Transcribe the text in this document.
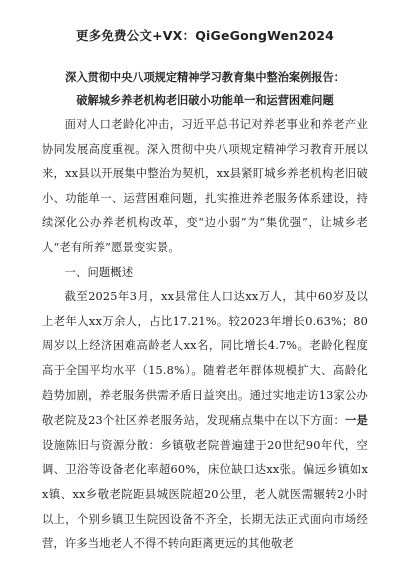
更多免费公文+VX：QiGeGongWen2024
深入贯彻中央八项规定精神学习教育集中整治案例报告：
破解城乡养老机构老旧破小功能单一和运营困难问题

面对人口老龄化冲击，习近平总书记对养老事业和养老产业协同发展高度重视。深入贯彻中央八项规定精神学习教育开展以来，xx县以开展集中整治为契机，xx县紧盯城乡养老机构老旧破小、功能单一、运营困难问题，扎实推进养老服务体系建设，持续深化公办养老机构改革，变“边小弱”为“集优强”，让城乡老人“老有所养”愿景变实景。

一、问题概述

截至2025年3月，xx县常住人口达xx万人，其中60岁及以上老年人xx万余人，占比17.21%。较2023年增长0.63%；80周岁以上经济困难高龄老人xx名，同比增长4.7%。老龄化程度高于全国平均水平（15.8%）。随着老年群体规模扩大、高龄化趋势加剧，养老服务供需矛盾日益突出。通过实地走访13家公办敬老院及23个社区养老服务站，发现痛点集中在以下方面：一是设施陈旧与资源分散：乡镇敬老院普遍建于20世纪90年代，空调、卫浴等设备老化率超60%，床位缺口达xx张。偏远乡镇如xx镇、xx乡敬老院距县城医院超20公里，老人就医需辗转2小时以上，个别乡镇卫生院因设备不齐全，长期无法正式面向市场经营，许多当地老人不得不转向距离更远的其他敬老
